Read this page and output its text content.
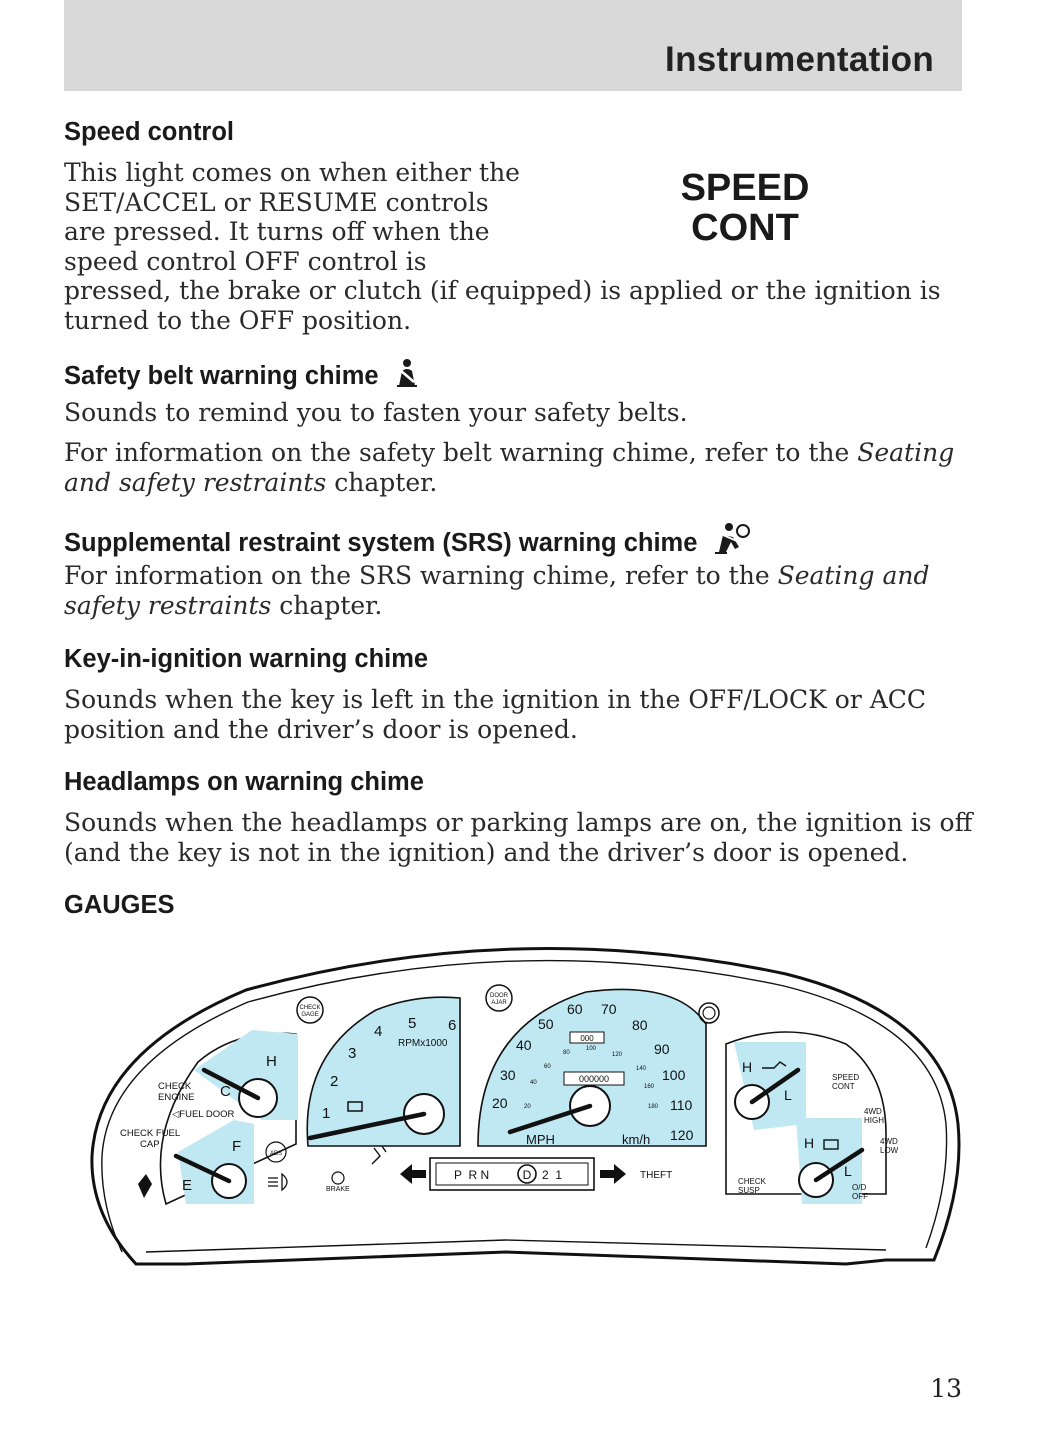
Instrumentation
Speed control

This light comes on when either the
SET/ACCEL or RESUME controls
are pressed. It turns off when the
speed control OFF control is
pressed, the brake or clutch (if equipped) is applied or the ignition is
turned to the OFF position.

SPEED
CONT
Safety belt warning chime

Sounds to remind you to fasten your safety belts.

For information on the safety belt warning chime, refer to the Seating
and safety restraints chapter.

Supplemental restraint system (SRS) warning chime

For information on the SRS warning chime, refer to the Seating and
safety restraints chapter.

Key-in-ignition warning chime

Sounds when the key is left in the ignition in the OFF/LOCK or ACC
position and the driver’s door is opened.

Headlamps on warning chime

Sounds when the headlamps or parking lamps are on, the ignition is off
(and the key is not in the ignition) and the driver’s door is opened.

GAUGES
H
C
F
E
CHECK
ENGINE
◁FUEL DOOR
CHECK FUEL
CAP
CHECK
GAGE
DOOR
AJAR
1
2
3
4 5 6
RPMx1000
20
30
40
50
60 70
80
90
100
110
120
20
40
60
80
100
120
140
160
180
000
000000
MPH	km/h
P  R N	D 2  1	THEFT
BRAKE
ABS
H
L
H
L
SPEED
CONT
4WD
HIGH
4WD
LOW
O/D
OFF
CHECK
SUSP
13
